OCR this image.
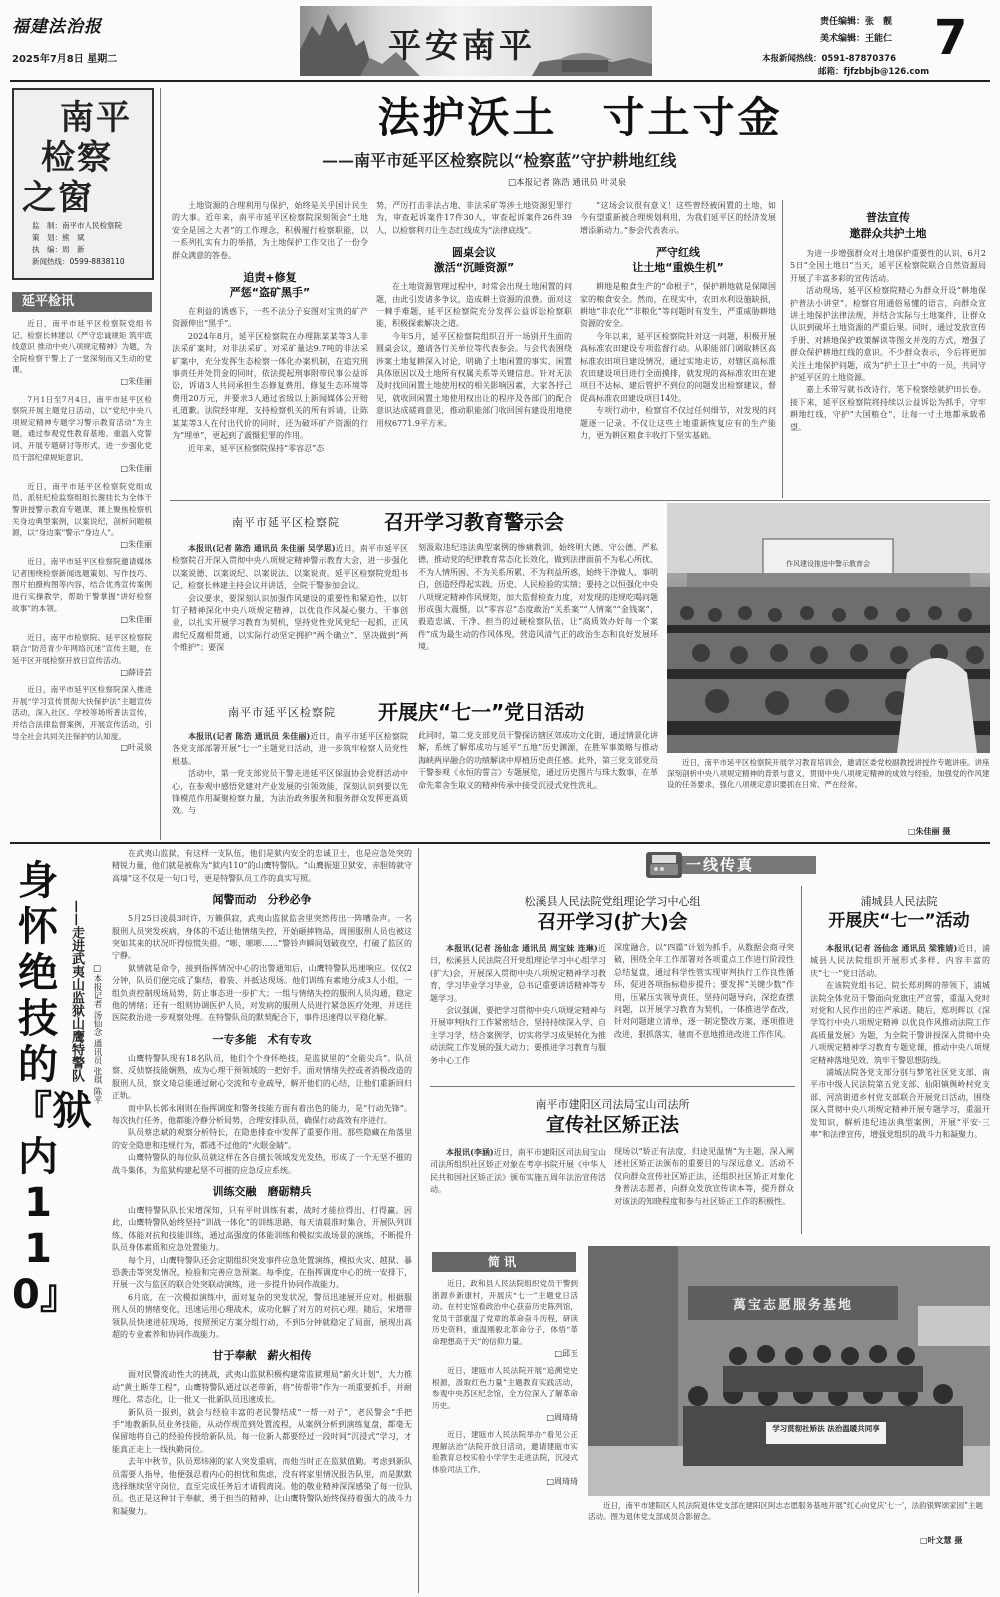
福建法治报
2025年7月8日 星期二	平安南平
责任编辑：张　靓
美术编辑：王能仁
本报新闻热线：0591-87870376
邮箱：fjfzbbjb@126.com
7
南平
检察
之窗
监　制：南平市人民检察院
策　划：熊　斌
执　编：周　新
新闻热线：0599-8838110
延平检讯
近日，南平市延平区检察院党组书记、检察长林建以《严守忠诚规矩 筑牢底线意识 推动中央八项规定精神》为题，为全院检察干警上了一堂深刻而又生动的党课。
□朱佳丽
7月1日至7月4日，南平市延平区检察院开展主题党日活动，以“党纪中央八项规定精神专题学习警示教育活动”为主题，通过参观党性教育基地、重温入党誓词、开展专题研讨等形式，进一步强化党员干部纪律规矩意识。
□朱佳丽
近日，南平市延平区检察院党组成员、派驻纪检监察组组长谢挂长为全体干警讲授警示教育专题课，课上聚焦检察机关身边典型案例，以案说纪，剖析问题根源，以“身边案”警示“身边人”。
□朱佳丽
近日，南平市延平区检察院邀请媒体记者围绕检察新闻选题策划、写作技巧、图片拍摄构图等内容，结合优秀宣传案例进行实操教学，帮助干警掌握“讲好检察故事”的本领。
□朱佳丽
近日，南平市检察院、延平区检察院联合“防范青少年网络沉迷”宣传主题，在延平区开展检察开放日宣传活动。
□薛诗芸
近日，南平市延平区检察院深入推进开展“学习宣传贯彻大快保护法”主题宣传活动，深入社区、学校等场所普法宣传，并结合法律监督案例，开展宣传活动，引导全社会共同关注保护的认知度。
□叶灵泉
法护沃土　寸土寸金
——南平市延平区检察院以“检察蓝”守护耕地红线
□本报记者 陈浩 通讯员 叶灵泉
土地资源的合理利用与保护，始终是关乎国计民生的大事。近年来，南平市延平区检察院深刻领会“土地安全是国之大者”的工作理念，积极履行检察职能，以一系列扎实有力的举措，为土地保护工作交出了一份令群众满意的答卷。
追责+修复
严惩“盗矿黑手”
在利益的诱惑下，一些不法分子妄图对宝贵的矿产资源伸出“黑手”。
2024年8月，延平区检察院在办理陈某某等3人非法采矿案时，对非法采矿、对采矿量达9.7吨的非法采矿案中，充分发挥生态检察一体化办案机制，在追究刑事责任并处罚金的同时，依法提起刑事附带民事公益诉讼，诉请3人共同承担生态修复费用、修复生态环境等费用20万元，并要求3人通过省级以上新闻媒体公开赔礼道歉。法院经审理，支持检察机关的所有诉请，让陈某某等3人在付出代价的同时，还为破坏矿产资源的行为“埋单”，更起到了震慑犯罪的作用。
近年来，延平区检察院保持“零容忍”态
势，严厉打击非法占地、非法采矿等涉土地资源犯罪行为，审查起诉案件17件30人，审查起诉案件26件39人，以检察利刃让生态红线成为“法律底线”。
圆桌会议
激活“沉睡资源”
在土地资源管理过程中，时常会出现土地闲置的问题，由此引发诸多争议，造成耕土资源的浪费。面对这一棘手难题，延平区检察院充分发挥公益诉讼检察职能，积极探索解决之道。
今年5月，延平区检察院组织召开一场别开生面的圆桌会议，邀请各行关单位等代表参会。与会代表围绕涉案土地复耕深入讨论，明确了土地闲置的事实、闲置具体原因以及土地所有权属关系等关键信息。针对无法及时找回闲置土地使用权的相关影响因素，大家各抒己见，就收回闲置土地使用权出让的程序及各部门的配合意识达成磋商意见，推动职能部门收回国有建设用地使用权6771.9平方米。
“这场会议很有意义！这些曾经被闲置的土地，如今有望重新被合理规划利用，为我们延平区的经济发展增添新动力。”参会代表表示。
严守红线
让土地“重焕生机”
耕地是粮食生产的“命根子”，保护耕地就是保障国家的粮食安全。然而，在现实中，农田水利设施缺损，耕地“非农化”“非粮化”等问题时有发生，严重威胁耕地资源的安全。
今年以来，延平区检察院针对这一问题，积极开展高标准农田建设专项监督行动。从职能部门调取耕区高标准农田项目建设情况，通过实地走访，对辖区高标准农田建设项目进行全面摸排，就发现的高标准农田在建项目不达标、建后管护不到位的问题发出检察建议，督促高标准农田建设项目14处。
专项行动中，检察官不仅过任何细节，对发现的问题逐一记录。不仅让这些土地重新恢复应有的生产能力，更为耕区粮食丰收打下坚实基础。
普法宣传
邀群众共护土地
为进一步增强群众对土地保护重要性的认识，6月25日“全国土地日”当天，延平区检察院联合自然资源局开展了丰富多彩的宣传活动。
活动现场，延平区检察院精心为群众开设“耕地保护普法小讲堂”。检察官用通俗易懂的语言，向群众宣讲土地保护法律法规，并结合实际与土地案件，让群众认识到破坏土地资源的严重后果。同时，通过发放宣传手册、对耕地保护政策解读等图文并茂的方式，增强了群众保护耕地红线的意识。不少群众表示，今后将更加关注土地保护问题，成为“护土卫士”中的一员，共同守护延平区的土地资源。
嘉上禾带写就书改诗行，笔下检察绘就护田长卷。接下来，延平区检察院将持续以公益诉讼为抓手，守牢耕地红线，守护“大国粮仓”，让每一寸土地都承载希望。
南平市延平区检察院 召开学习教育警示会
本报讯(记者 陈浩 通讯员 朱佳丽 吴学思)近日，南平市延平区检察院召开深入贯彻中央八项规定精神警示教育大会，进一步强化以案说德、以案说纪、以案说法、以案说责。延平区检察院党组书记、检察长林建主持会议并讲话，全院干警参加会议。
会议要求，要深刻认识加强作风建设的重要性和紧迫性，以钉钉子精神深化中央八项规定精神，以优良作风凝心聚力、干事创业，以扎实开展学习教育为契机，坚持党性党风党纪一起抓，正风肃纪反腐相贯通，以实际行动坚定拥护“两个确立”、坚决做到“两个维护”；要深
刻汲取违纪违法典型案例的惨痛教训，始终明大德、守公德、严私德，推动党的纪律教育常态化长效化，做到法律面前不为私心所扰、不为人情所困、不为关系所累、不为利益所惑，始终干净做人、事明白，创造经得起实践、历史、人民检验的实绩；要持之以恒强化中央八项规定精神作风规矩，加大监督检查力度，对发现的违规吃喝问题形成强大震慑，以“零容忍”态度敢治“关系案”“人情案”“金钱案”，毅造忠诚、干净、担当的过硬检察队伍，让“高质效办好每一个案件”成为最生动的作风体现，营造风清气正的政治生态和良好发展环境。
作风建设推进中警示教育会
近日，南平市延平区检察院开展学习教育培训会，邀请区委党校副教授讲授作专题讲座。讲座深刻剖析中央八项规定精神的背景与意义，贯彻中央八项规定精神的成效与经验，加强党的作风建设的任务要求，强化八项规定意识要抓在日常、严在经常。
□朱佳丽 摄
南平市延平区检察院 开展庆“七一”党日活动
本报讯(记者 陈浩 通讯员 朱佳丽)近日，南平市延平区检察院各党支部部署开展“七一”主题党日活动，进一步筑牢检察人员党性根基。
活动中，第一党支部党员干警走进延平区保温协会党群活动中心，在参观中感悟党建对产业发展的引领效能，深刻认识到要以先锋模范作用凝聚检察力量，为法治政务服务和服务群众发挥更高质效。与
此同时，第二党支部党员干警探访辖区郊成功文化街，通过情景化讲解，系统了解郑成功与延平“五地”历史渊源，在胜军事策略与推动海峡两岸融合的功绩解读中厚植历史责任感。此外，第三党支部党员干警参观《永恒的誓言》专题展览，通过历史图片与珠大数事，在革命先辈舍生取义的精神传承中接受沉浸式党性洗礼。
身怀绝技的『狱内110』
——走进武夷山监狱山鹰特警队 □本报记者 汤仙念 通讯员 张琪 陈平
在武夷山监狱，有这样一支队伍，他们是狱内安全的忠诚卫士，也是应急处突的精锐力量，他们就是被称为“狱内110”的山鹰特警队。“山鹰振翅卫狱安，赤胆铸就守高墙”这不仅是一句口号，更是特警队员工作的真实写照。
闻警而动　分秒必争
5月25日凌晨3时许，万籁俱寂，武夷山监狱监舍里突然传出一阵嘈杂声。一名服刑人员突发疾病，身体的不适让他情绪失控，开始砸摔物品，周围服刑人员也被这突如其来的状况吓得惊慌失措。“嘭、嘭嘭……”警铃声瞬间划破夜空，打破了监区的宁静。
狱情就是命令，接到指挥情况中心的出警通知后，山鹰特警队迅速响应。仅仅2分钟，队员们便完成了集结，着装、并抵达现场。他们训练有素地分成3人小组，一组负责控制现场局势，防止事态进一步扩大；一组与情绪失控的服刑人员沟通，稳定他的情绪；还有一组则协调医护人员，对发病的服刑人员进行紧急医疗处理，并送往医院救治进一步观察处理。在特警队员的默契配合下，事件迅速得以平稳化解。
一专多能　术有专攻
山鹰特警队现有18名队员，他们个个身怀绝技，是监狱里的“全能尖兵”。队员察、反侦察技能娴熟，成为心理干预领域的一把好手。面对情绪失控或者消极改造的服刑人员，察文琦总能通过耐心交流和专业疏导，解开他们的心结，让他们重新回归正轨。
而中队长郭永刚则在指挥调度和警务技能方面有着出色的能力，是“行动先锋”。每次执行任务，他都能冷静分析局势，合理安排队员，确保行动高效有序进行。
队员蔡忠斌的观察分析特长，在隐患排查中发挥了重要作用。那些隐藏在角落里的安全隐患和违规行为，都逃不过他的“火眼金睛”。
山鹰特警队的每位队员就这样在各自擅长领域发光发热，形成了一个无坚不摧的战斗集体，为监狱构建起坚不可摧的应急反应系统。
训练交融　磨砺精兵
山鹰特警队队长宋增深知，只有平时训练有素，战时才能拉得出、打得赢。因此，山鹰特警队始终坚持“训战一体化”的训练思路，每天清晨准时集合，开展队列训练、体能对抗和技能训练，通过高强度的体能训练和模拟实战场景的演练，不断提升队员身体素质和应急处置能力。
每个月，山鹰特警队还会定期组织突发事件应急处置演练，模拟火灾、越狱、暴恐袭击等突发情况，检验和完善应急预案。每季度，在指挥调度中心的统一安排下，开展一次与监区的联合处突联动演练，进一步提升协同作战能力。
6月底，在一次模拟演练中，面对复杂的突发状况，警员迅速展开应对。根据服刑人员的情绪变化，迅速运用心理战术，成功化解了对方的对抗心理。随后，宋增带领队员快速进驻现场，按照预定方案分组行动，不到5分钟就稳定了局面，展现出高超的专业素养和协同作战能力。
甘于奉献　薪火相传
面对民警流动性大的挑战，武夷山监狱积极构建常监狱理局“薪火计划”，大力推动“黄土断芽工程”，山鹰特警队通过以老带新，将“传帮带”作为一项重要抓手，并耐理化、常态化，让一批又一批新队员迅速成长。
新队员一报到，就会与经验丰富的老民警结成“一帮一对子”，老民警会“手把手”地教新队员业务技能，从动作规范到处置流程，从案例分析到演练复盘，都毫无保留地将自己的经验传授给新队员。每一位新人都要经过一段时间“沉浸式”学习，才能真正走上一线执勤岗位。
去年中秋节，队员郑炜刚的家人突发重病，而他当时正在监狱值勤。考虑到新队员需要人指导，他便强忍着内心的担忧和焦虑，没有将家里情况报告队里，而是默默选择继续坚守岗位，直至完成任务后才请假离岗。他的敬业精神深深感染了每一位队员。也正是这种甘于奉献、勇于担当的精神，让山鹰特警队始终保持着强大的战斗力和凝聚力。
一线传真
松溪县人民法院党组理论学习中心组
召开学习(扩大)会
本报讯(记者 汤仙念 通讯员 周宝妹 连琳)近日，松溪县人民法院召开党组理论学习中心组学习(扩大)会，开展深入贯彻中央八项规定精神学习教育，学习毕业学习毕业，总书记重要讲话精神等专题学习。
会议强调，要把学习贯彻中央八项规定精神与开展审判执行工作紧密结合，坚持持续深入学、自主学习学，结合案例学，切实将学习成果转化为推动法院工作发展的强大动力；要推进学习教育与服务中心工作
深度融合，以“四篇”计划为抓手，从数据会商寻突破，围绕全年工作部署对各项重点工作进行阶段性总结复盘，通过科学性管实现审判执行工作良性循环，促进各项指标稳步提升；要发挥“关键少数”作用，压紧压实领导责任，坚持问题导向，深挖查摆问题，以开展学习教育为契机，一体推进学查改，针对问题建立清单，逐一制定整改方案，逐项推进改进，狠抓落实，驰而不息地推进改进工作作风。
浦城县人民法院
开展庆“七一”活动
本报讯(记者 汤仙念 通讯员 梁雅婧)近日，浦城县人民法院组织开展形式多样、内容丰富的庆“七一”党日活动。
在该院党组书记、院长郑玥辉的带领下，浦城法院全体党员干警面向党旗庄严宣誓，重温入党时对党和人民作出的庄严承诺。随后，郑玥辉以《深学笃行中央八项规定精神 以优良作风推动法院工作高质量发展》为题，为全院干警讲授深入贯彻中央八项规定精神学习教育专题党课，推动中央八项规定精神落地见效、筑牢干警思想防线。
浦城法院各党支部分别与梦笔社区党支部、南平市中级人民法院第五党支部、仙阳镇舆岭村党支部、河滨街道乡村党支部联合开展党日活动，围绕深入贯彻中央八项规定精神开展专题学习，重温开发知识，解析违纪违法典型案例，开展“平安·三率”和法律宣传，增强党组织的战斗力和凝聚力。
南平市建阳区司法局宝山司法所
宣传社区矫正法
本报讯(李涵)近日，南平市建阳区司法局宝山司法所组织社区矫正对象在考亭书院开展《中华人民共和国社区矫正法》颁布实施五周年法治宣传活动。
现场以“矫正有法度，归途见温情”为主题，深入阐述社区矫正法颁布的重要目的与深远意义。活动不仅向群众宣传社区矫正法，还组织社区矫正对象化身普法志愿者，向群众发放宣传读本等，提升群众对该法的知晓程度和参与社区矫正工作的积极性。
简讯
近日，政和县人民法院组织党员干警到浙源乡新康村，开展庆“七一”主题党日活动。在村史馆看政治中心获奋历史陈列馆，党员干部重温了党章的革命奋斗历程，研读历史资料，重温刚毅北革命分子，体悟“革命理想高于天”的信仰力量。
□邱玉
近日，建瓯市人民法院开展“追溯党史根源，汲取红色力量”主题教育实践活动，参观中央苏区纪念馆，全方位深入了解革命历史。
□周琦琦
近日，建瓯市人民法院举办“看见公正 理解法治”法院开放日活动，邀请建瓯市实验教育总校实验小学学生走进法院，沉浸式体验司法工作。
□周琦琦
萬宝志愿服务基地
学习贯彻社矫法 法治温暖共同享
近日，南平市建阳区人民法院退休党支部在建阳区阿志志愿服务基地开展“红心向党庆‘七一’，法韵银辉颂家园”主题活动。图为退休党支部成员合影留念。
□叶文慧 摄
